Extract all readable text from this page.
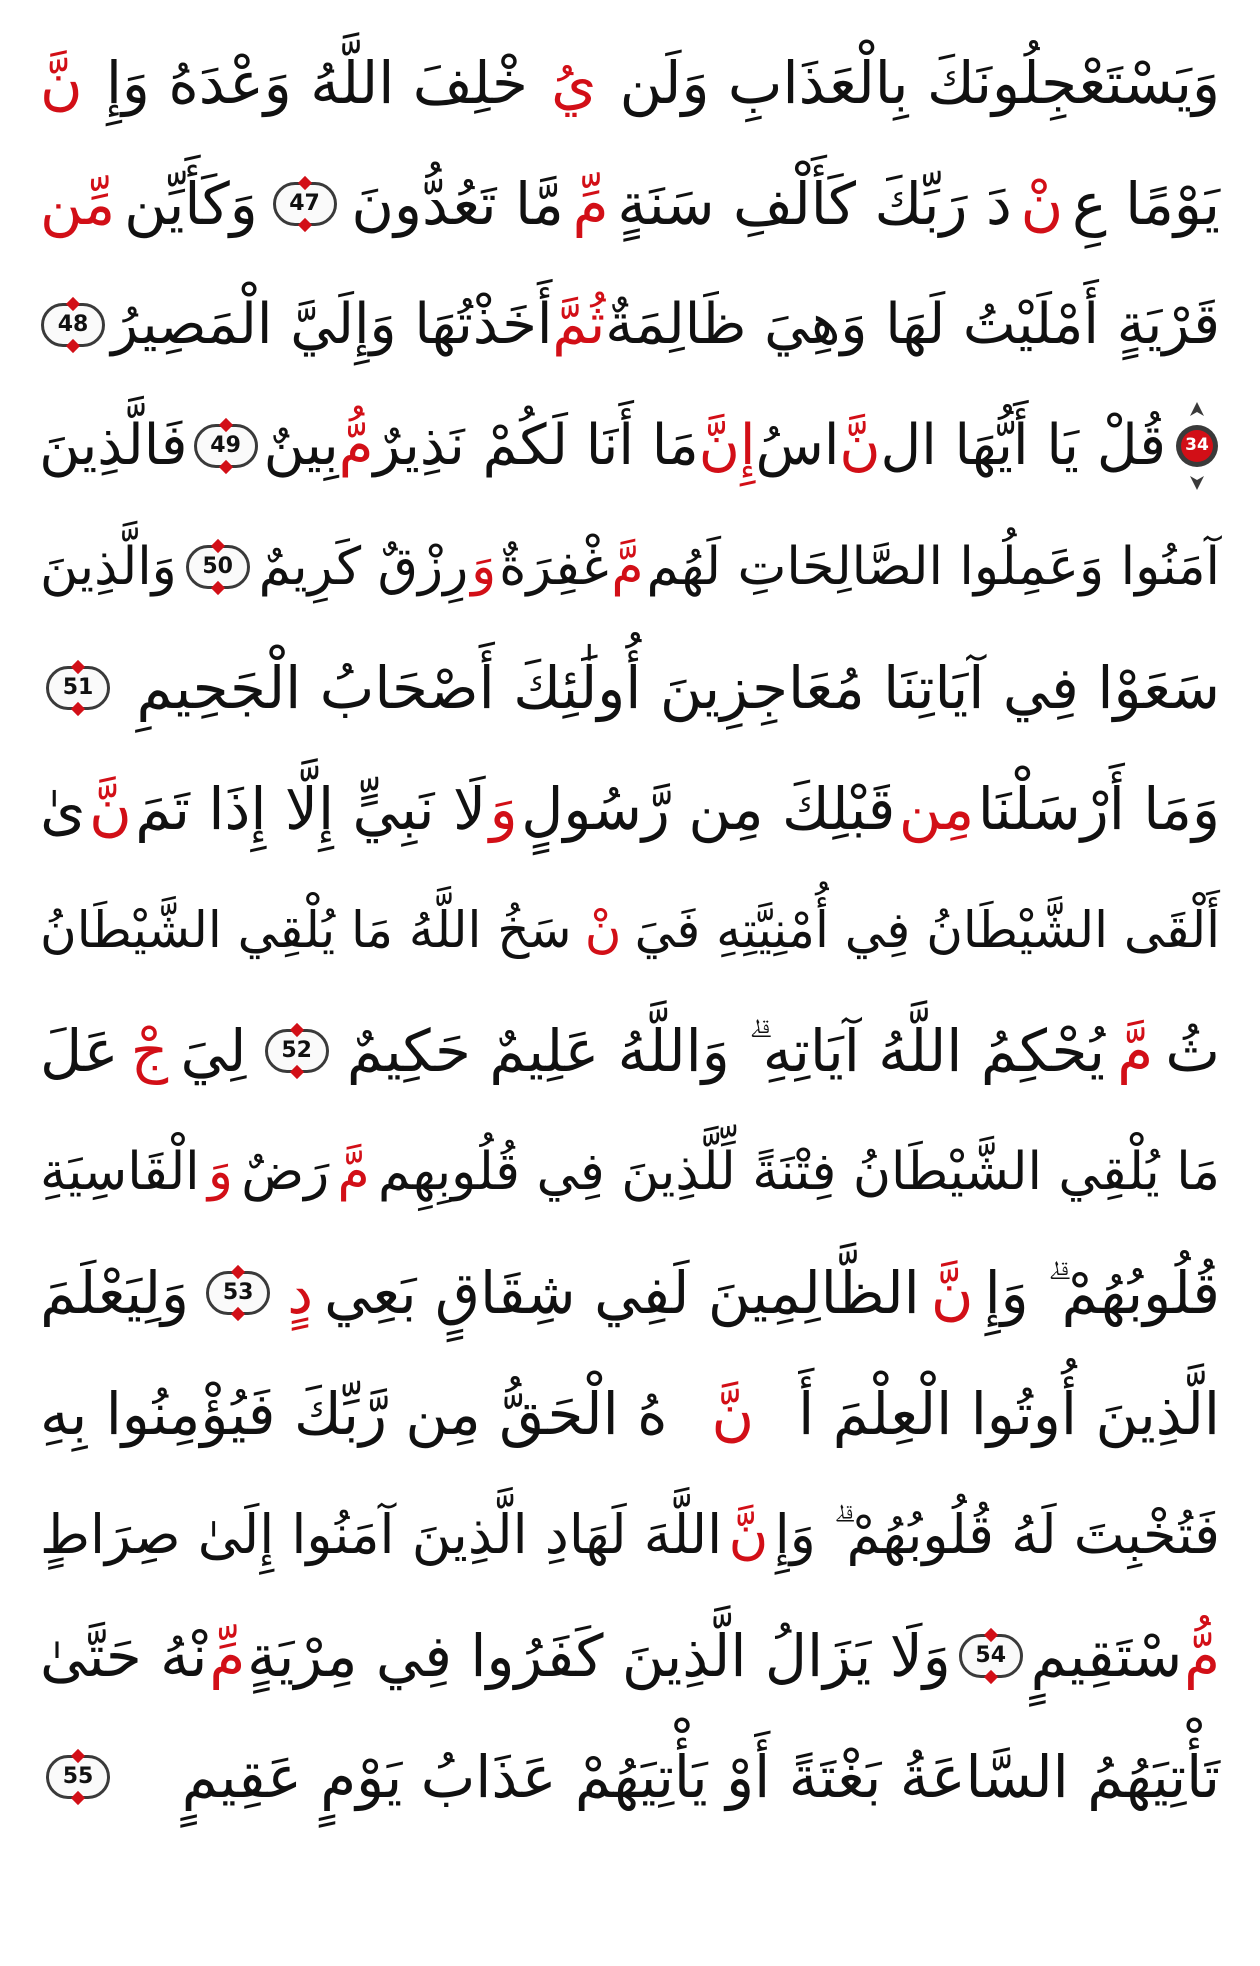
وَيَسْتَعْجِلُونَكَ بِالْعَذَابِ وَلَن
يُ
خْلِفَ اللَّهُ وَعْدَهُ وَإِ
نَّ
يَوْمًا عِ
نْ
دَ رَبِّكَ كَأَلْفِ سَنَةٍ
مِّ
مَّا تَعُدُّونَ
47
وَكَأَيِّن
مِّن
قَرْيَةٍ أَمْلَيْتُ لَهَا وَهِيَ ظَالِمَةٌ
ثُمَّ
أَخَذْتُهَا وَإِلَيَّ الْمَصِيرُ
48
34
قُلْ يَا أَيُّهَا ال
نَّ
اسُ
إِنَّ
مَا أَنَا لَكُمْ نَذِيرٌ
مُّ
بِينٌ
49
فَالَّذِينَ
آمَنُوا وَعَمِلُوا الصَّالِحَاتِ لَهُم
مَّ
غْفِرَةٌ
وَ
رِزْقٌ كَرِيمٌ
50
وَالَّذِينَ
سَعَوْا فِي آيَاتِنَا مُعَاجِزِينَ أُولَٰئِكَ أَصْحَابُ الْجَحِيمِ
51
وَمَا أَرْسَلْنَا
مِن
قَبْلِكَ مِن رَّسُولٍ
وَ
لَا نَبِيٍّ إِلَّا إِذَا تَمَ
نَّ
ىٰ
أَلْقَى الشَّيْطَانُ فِي أُمْنِيَّتِهِ فَيَ
نْ
سَخُ اللَّهُ مَا يُلْقِي الشَّيْطَانُ
ثُ
مَّ
يُحْكِمُ اللَّهُ آيَاتِهِ ۗ وَاللَّهُ عَلِيمٌ حَكِيمٌ
52
لِيَ
جْ
عَلَ
مَا يُلْقِي الشَّيْطَانُ فِتْنَةً لِّلَّذِينَ فِي قُلُوبِهِم
مَّ
رَضٌ
وَ
الْقَاسِيَةِ
قُلُوبُهُمْ ۗ وَإِ
نَّ
الظَّالِمِينَ لَفِي شِقَاقٍ بَعِي
دٍ
53
وَلِيَعْلَمَ
الَّذِينَ أُوتُوا الْعِلْمَ أَ
نَّ
هُ الْحَقُّ مِن رَّبِّكَ فَيُؤْمِنُوا بِهِ
فَتُخْبِتَ لَهُ قُلُوبُهُمْ ۗ وَإِ
نَّ
اللَّهَ لَهَادِ الَّذِينَ آمَنُوا إِلَىٰ صِرَاطٍ
مُّ
سْتَقِيمٍ
54
وَلَا يَزَالُ الَّذِينَ كَفَرُوا فِي مِرْيَةٍ
مِّ
نْهُ حَتَّىٰ
تَأْتِيَهُمُ السَّاعَةُ بَغْتَةً أَوْ يَأْتِيَهُمْ عَذَابُ يَوْمٍ عَقِيمٍ
55
